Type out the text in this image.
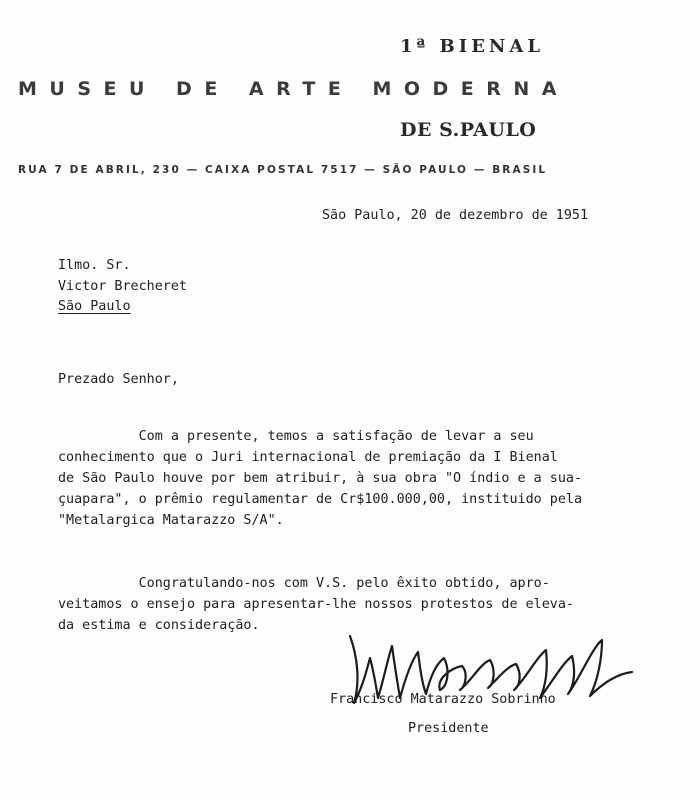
1ª BIENAL
MUSEU DE ARTE MODERNA
DE S.PAULO
RUA 7 DE ABRIL, 230 — CAIXA POSTAL 7517 — SÃO PAULO — BRASIL
São Paulo, 20 de dezembro de 1951
Ilmo. Sr.
Victor Brecheret
São Paulo
Prezado Senhor,
Com a presente, temos a satisfação de levar a seu
conhecimento que o Juri internacional de premiação da I Bienal
de São Paulo houve por bem atribuir, à sua obra "O índio e a sua-
çuapara", o prêmio regulamentar de Cr$100.000,00, instituido pela
"Metalargica Matarazzo S/A".
Congratulando-nos com V.S. pelo êxito obtido, apro-
veitamos o ensejo para apresentar-lhe nossos protestos de eleva-
da estima e consideração.
Francisco Matarazzo Sobrinho
Presidente
